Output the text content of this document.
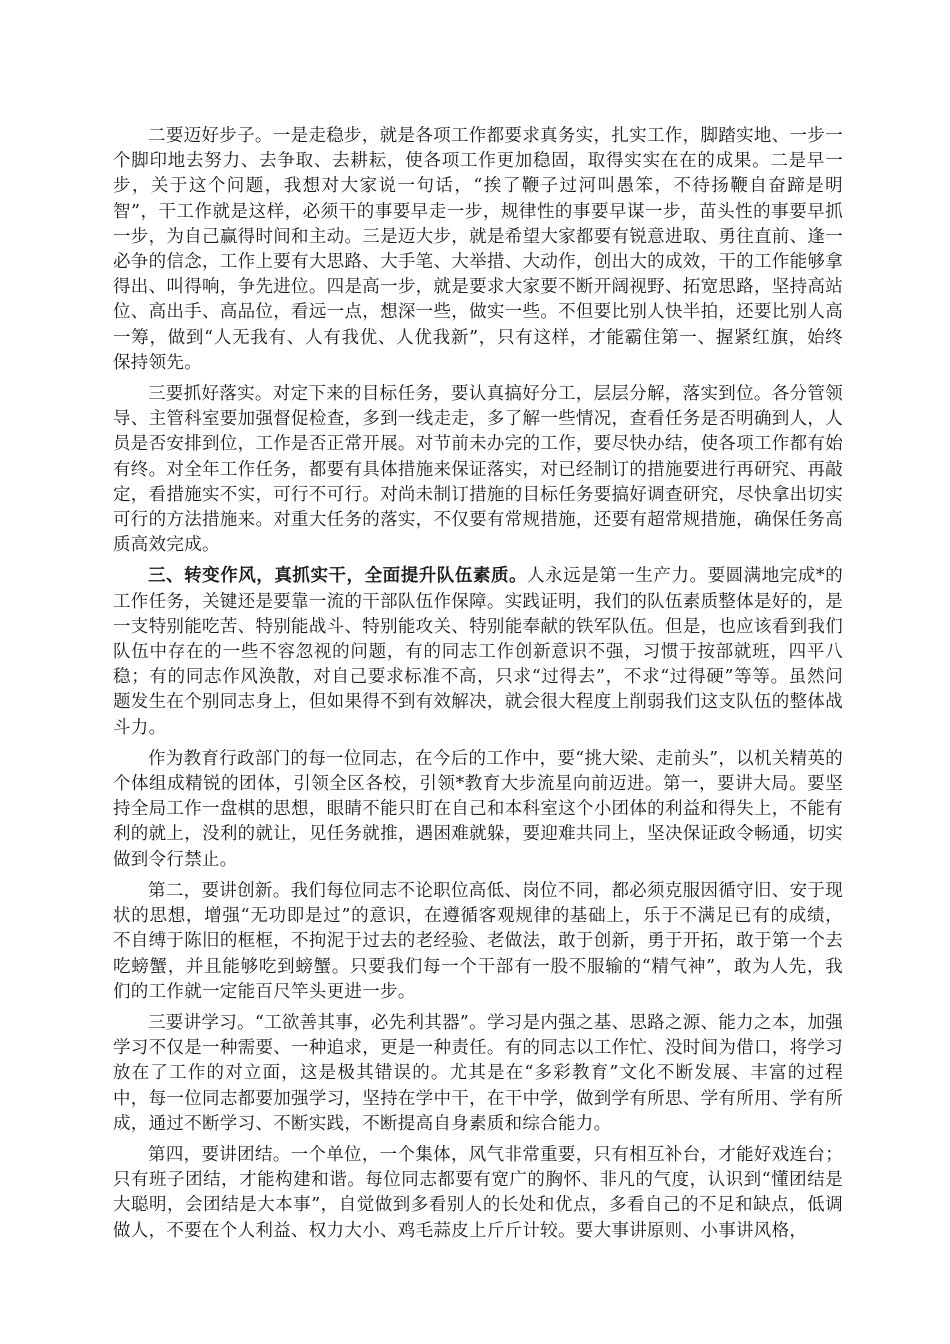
二要迈好步子。一是走稳步，就是各项工作都要求真务实，扎实工作，脚踏实地、一步一个脚印地去努力、去争取、去耕耘，使各项工作更加稳固，取得实实在在的成果。二是早一步，关于这个问题，我想对大家说一句话，“挨了鞭子过河叫愚笨，不待扬鞭自奋蹄是明智”，干工作就是这样，必须干的事要早走一步，规律性的事要早谋一步，苗头性的事要早抓一步，为自己赢得时间和主动。三是迈大步，就是希望大家都要有锐意进取、勇往直前、逢一必争的信念，工作上要有大思路、大手笔、大举措、大动作，创出大的成效，干的工作能够拿得出、叫得响，争先进位。四是高一步，就是要求大家要不断开阔视野、拓宽思路，坚持高站位、高出手、高品位，看远一点，想深一些，做实一些。不但要比别人快半拍，还要比别人高一筹，做到“人无我有、人有我优、人优我新”，只有这样，才能霸住第一、握紧红旗，始终保持领先。

三要抓好落实。对定下来的目标任务，要认真搞好分工，层层分解，落实到位。各分管领导、主管科室要加强督促检查，多到一线走走，多了解一些情况，查看任务是否明确到人，人员是否安排到位，工作是否正常开展。对节前未办完的工作，要尽快办结，使各项工作都有始有终。对全年工作任务，都要有具体措施来保证落实，对已经制订的措施要进行再研究、再敲定，看措施实不实，可行不可行。对尚未制订措施的目标任务要搞好调查研究，尽快拿出切实可行的方法措施来。对重大任务的落实，不仅要有常规措施，还要有超常规措施，确保任务高质高效完成。

三、转变作风，真抓实干，全面提升队伍素质。人永远是第一生产力。要圆满地完成*的工作任务，关键还是要靠一流的干部队伍作保障。实践证明，我们的队伍素质整体是好的，是一支特别能吃苦、特别能战斗、特别能攻关、特别能奉献的铁军队伍。但是，也应该看到我们队伍中存在的一些不容忽视的问题，有的同志工作创新意识不强，习惯于按部就班，四平八稳；有的同志作风涣散，对自己要求标准不高，只求“过得去”，不求“过得硬”等等。虽然问题发生在个别同志身上，但如果得不到有效解决，就会很大程度上削弱我们这支队伍的整体战斗力。

作为教育行政部门的每一位同志，在今后的工作中，要“挑大梁、走前头”，以机关精英的个体组成精锐的团体，引领全区各校，引领*教育大步流星向前迈进。第一，要讲大局。要坚持全局工作一盘棋的思想，眼睛不能只盯在自己和本科室这个小团体的利益和得失上，不能有利的就上，没利的就让，见任务就推，遇困难就躲，要迎难共同上，坚决保证政令畅通，切实做到令行禁止。

第二，要讲创新。我们每位同志不论职位高低、岗位不同，都必须克服因循守旧、安于现状的思想，增强“无功即是过”的意识，在遵循客观规律的基础上，乐于不满足已有的成绩，不自缚于陈旧的框框，不拘泥于过去的老经验、老做法，敢于创新，勇于开拓，敢于第一个去吃螃蟹，并且能够吃到螃蟹。只要我们每一个干部有一股不服输的“精气神”，敢为人先，我们的工作就一定能百尺竿头更进一步。

三要讲学习。“工欲善其事，必先利其器”。学习是内强之基、思路之源、能力之本，加强学习不仅是一种需要、一种追求，更是一种责任。有的同志以工作忙、没时间为借口，将学习放在了工作的对立面，这是极其错误的。尤其是在“多彩教育”文化不断发展、丰富的过程中，每一位同志都要加强学习，坚持在学中干，在干中学，做到学有所思、学有所用、学有所成，通过不断学习、不断实践，不断提高自身素质和综合能力。

第四，要讲团结。一个单位，一个集体，风气非常重要，只有相互补台，才能好戏连台；只有班子团结，才能构建和谐。每位同志都要有宽广的胸怀、非凡的气度，认识到“懂团结是大聪明，会团结是大本事”，自觉做到多看别人的长处和优点，多看自己的不足和缺点，低调做人，不要在个人利益、权力大小、鸡毛蒜皮上斤斤计较。要大事讲原则、小事讲风格，
